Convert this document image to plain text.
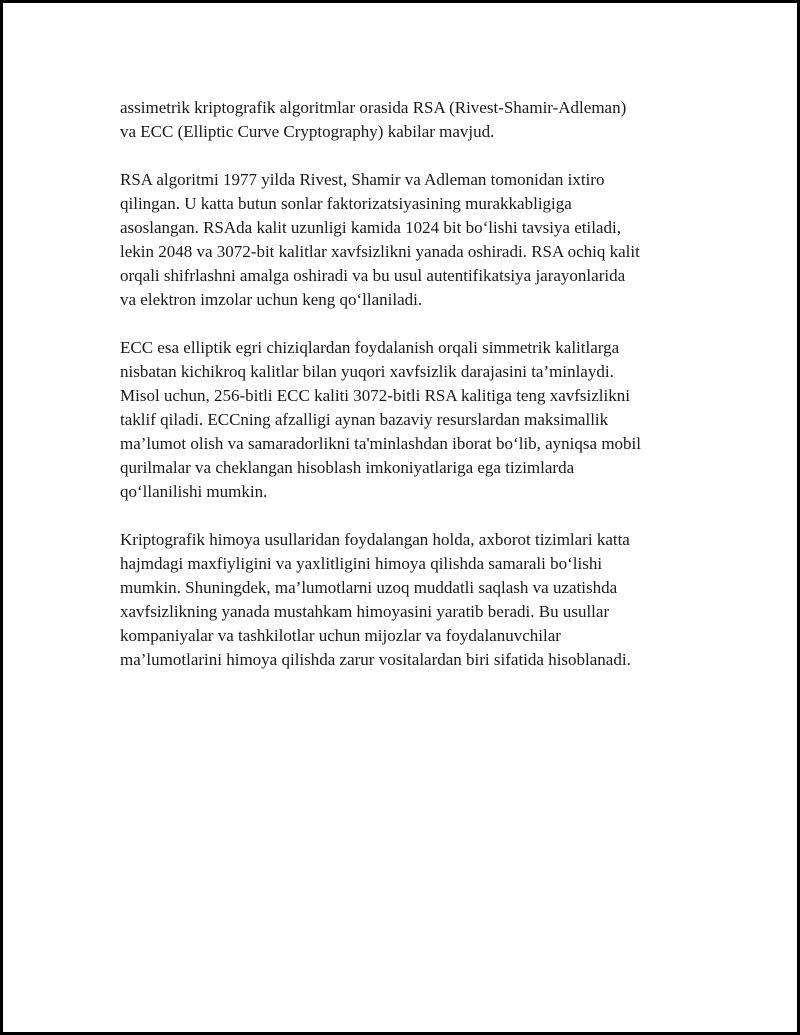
assimetrik kriptografik algoritmlar orasida RSA (Rivest-Shamir-Adleman)
va ECC (Elliptic Curve Cryptography) kabilar mavjud.

RSA algoritmi 1977 yilda Rivest, Shamir va Adleman tomonidan ixtiro
qilingan. U katta butun sonlar faktorizatsiyasining murakkabligiga
asoslangan. RSAda kalit uzunligi kamida 1024 bit bo‘lishi tavsiya etiladi,
lekin 2048 va 3072-bit kalitlar xavfsizlikni yanada oshiradi. RSA ochiq kalit
orqali shifrlashni amalga oshiradi va bu usul autentifikatsiya jarayonlarida
va elektron imzolar uchun keng qo‘llaniladi.

ECC esa elliptik egri chiziqlardan foydalanish orqali simmetrik kalitlarga
nisbatan kichikroq kalitlar bilan yuqori xavfsizlik darajasini ta’minlaydi.
Misol uchun, 256-bitli ECC kaliti 3072-bitli RSA kalitiga teng xavfsizlikni
taklif qiladi. ECCning afzalligi aynan bazaviy resurslardan maksimallik
ma’lumot olish va samaradorlikni ta'minlashdan iborat bo‘lib, ayniqsa mobil
qurilmalar va cheklangan hisoblash imkoniyatlariga ega tizimlarda
qo‘llanilishi mumkin.

Kriptografik himoya usullaridan foydalangan holda, axborot tizimlari katta
hajmdagi maxfiyligini va yaxlitligini himoya qilishda samarali bo‘lishi
mumkin. Shuningdek, ma’lumotlarni uzoq muddatli saqlash va uzatishda
xavfsizlikning yanada mustahkam himoyasini yaratib beradi. Bu usullar
kompaniyalar va tashkilotlar uchun mijozlar va foydalanuvchilar
ma’lumotlarini himoya qilishda zarur vositalardan biri sifatida hisoblanadi.
